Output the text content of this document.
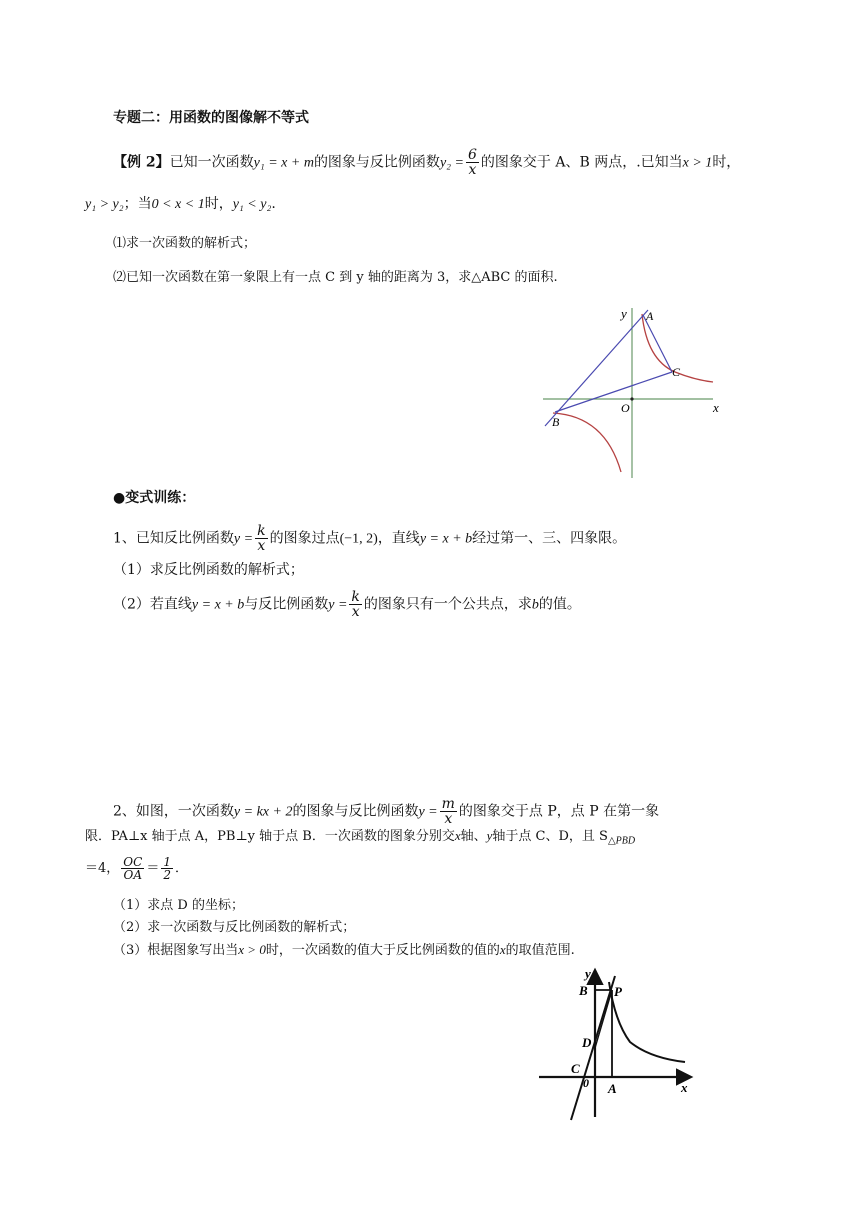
专题二：用函数的图像解不等式
【例 2】已知一次函数y₁ = x + m的图象与反比例函数$y_2 = \frac{6}{x}$ 的图象交于 A、B 两点，.已知当x > 1时，
y₁ > y₂；当0 < x < 1时，y₁ < y₂.
⑴求一次函数的解析式；
⑵已知一次函数在第一象限上有一点 C 到 y 轴的距离为 3，求△ABC 的面积.
y A
C
O	x
B
●变式训练：
1、已知反比例函数$y = \frac{k}{x}$ 的图象过点(−1, 2)，直线y = x + b经过第一、三、四象限。
（1）求反比例函数的解析式；
（2）若直线y = x + b与反比例函数$y = \frac{k}{x}$ 的图象只有一个公共点，求b的值。
2、如图，一次函数y = kx + 2的图象与反比例函数$y = \frac{m}{x}$ 的图象交于点 P，点 P 在第一象
限．PA⊥x 轴于点 A，PB⊥y 轴于点 B．一次函数的图象分别交x轴、y轴于点 C、D，且 $S_{\triangle PBD}$
＝4， $\frac{OC}{OA} = \frac{1}{2}$ ．
（1）求点 D 的坐标；
（2）求一次函数与反比例函数的解析式；
（3）根据图象写出当x > 0时，一次函数的值大于反比例函数的值的x的取值范围.
y
B P
D
C
0 A	x
